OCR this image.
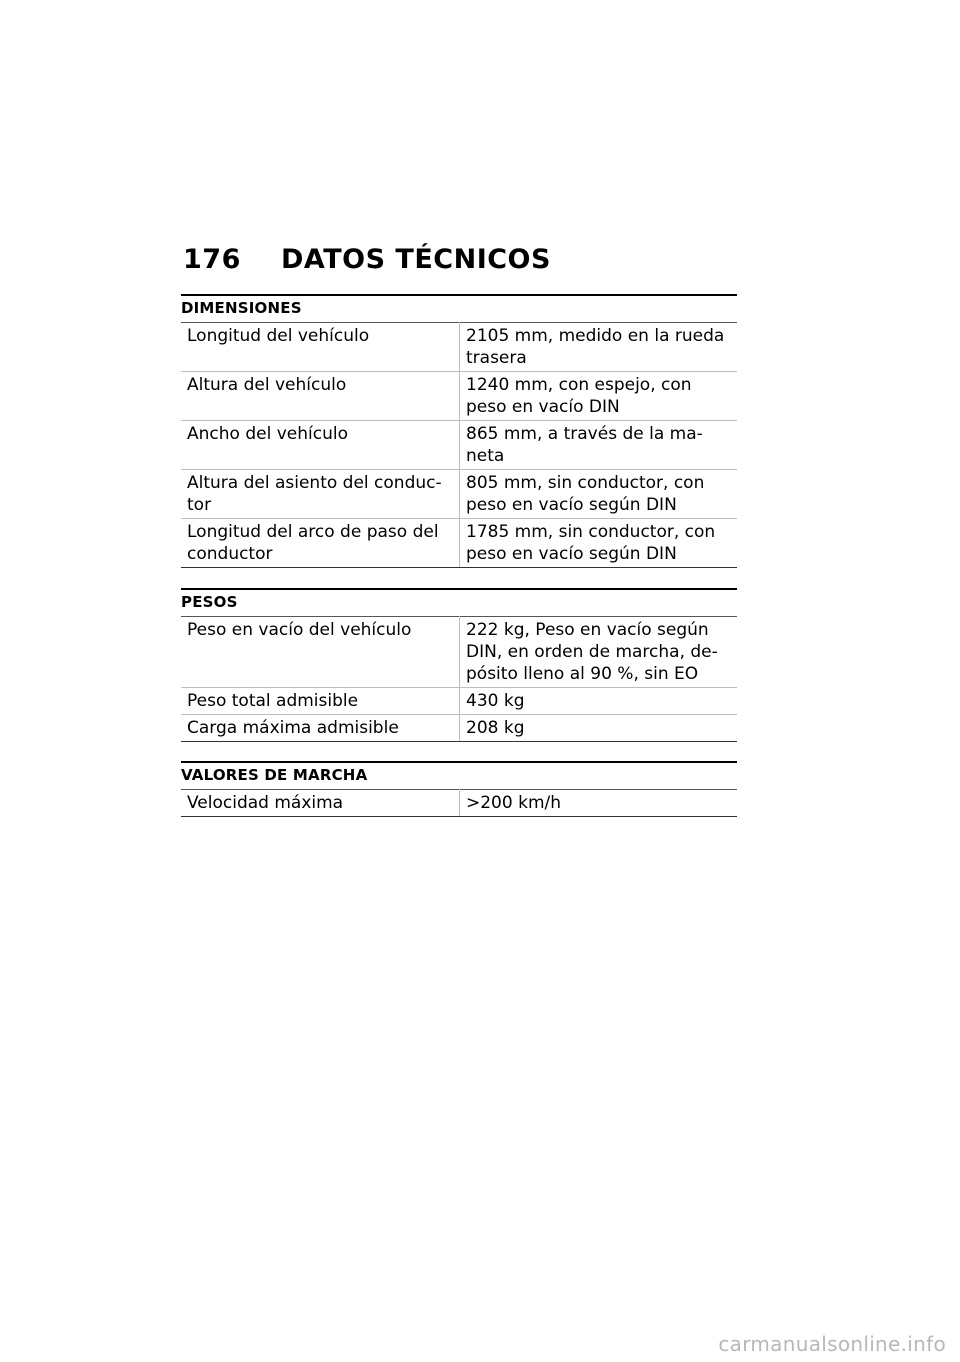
176	DATOS TÉCNICOS
DIMENSIONES
Longitud del vehículo	2105 mm, medido en la rueda trasera
Altura del vehículo	1240 mm, con espejo, con peso en vacío DIN
Ancho del vehículo	865 mm, a través de la ma-neta
Altura del asiento del conduc-tor	805 mm, sin conductor, con peso en vacío según DIN
Longitud del arco de paso del conductor	1785 mm, sin conductor, con peso en vacío según DIN
PESOS
Peso en vacío del vehículo	222 kg, Peso en vacío según DIN, en orden de marcha, de-pósito lleno al 90 %, sin EO
Peso total admisible	430 kg
Carga máxima admisible	208 kg
VALORES DE MARCHA
Velocidad máxima	>200 km/h
carmanualsonline.info
